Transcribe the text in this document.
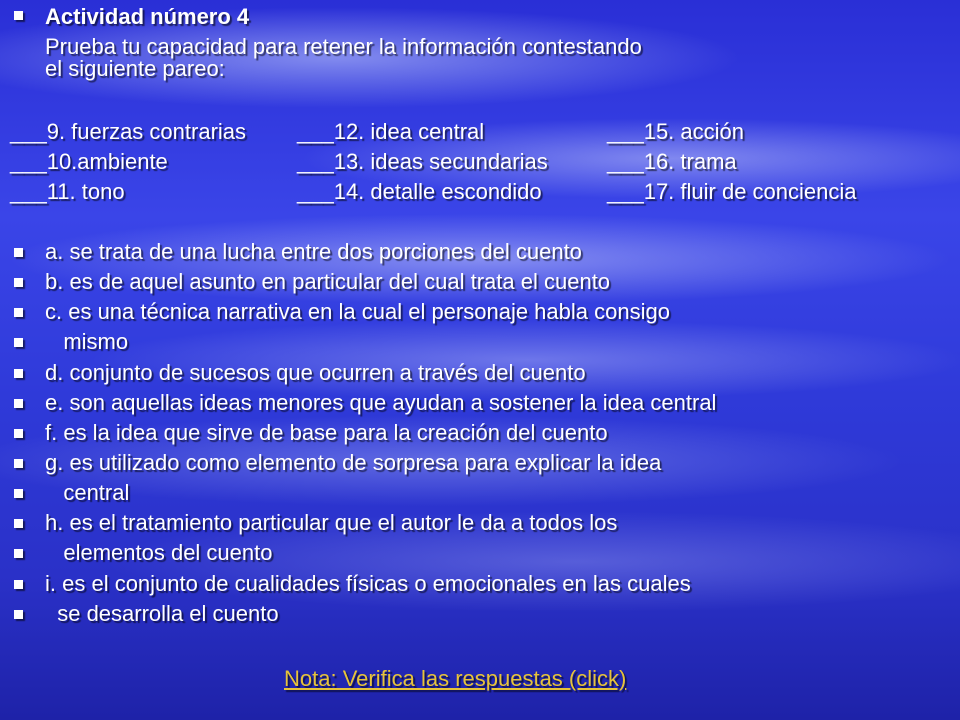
Actividad número 4
Prueba tu capacidad para retener la información contestando
el siguiente pareo:
___9. fuerzas contrarias
___10.ambiente
___11. tono
___12. idea central
___13. ideas secundarias
___14. detalle escondido
___15. acción
___16. trama
___17. fluir de conciencia
a. se trata de una lucha entre dos porciones del cuento
b. es de aquel asunto en particular del cual trata el cuento
c. es una técnica narrativa en la cual el personaje habla consigo
mismo
d. conjunto de sucesos que ocurren a través del cuento
e. son aquellas ideas menores que ayudan a sostener la idea central
f. es la idea que sirve de base para la creación del cuento
g. es utilizado como elemento de sorpresa para explicar la idea
central
h. es el tratamiento particular que el autor le da a todos los
elementos del cuento
i. es el conjunto de cualidades físicas o emocionales en las cuales
se desarrolla el cuento
Nota: Verifica las respuestas (click)
